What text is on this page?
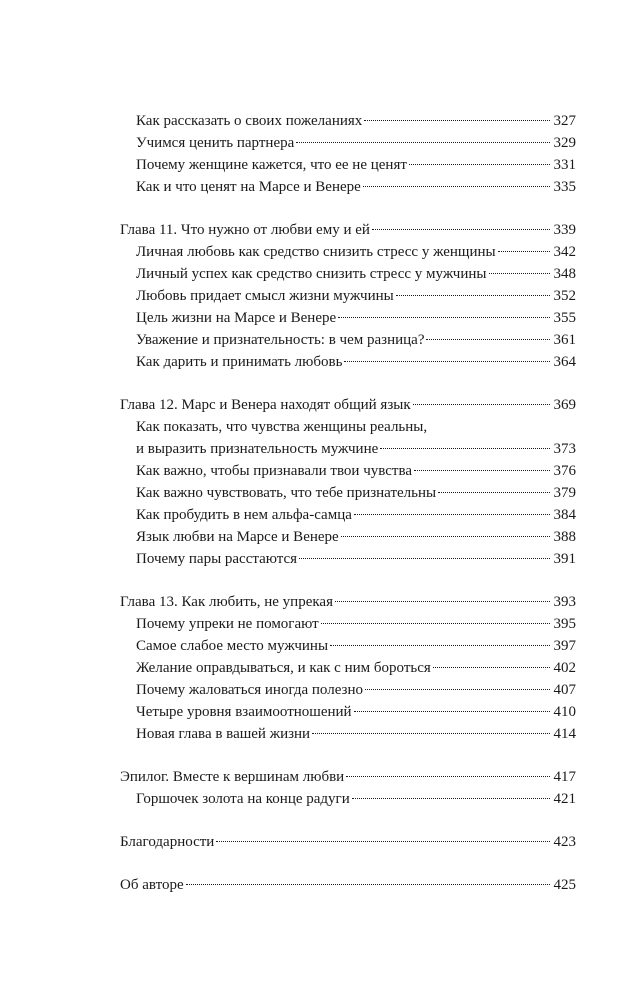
Как рассказать о своих пожеланиях	327
Учимся ценить партнера	329
Почему женщине кажется, что ее не ценят	331
Как и что ценят на Марсе и Венере	335
Глава 11. Что нужно от любви ему и ей	339
Личная любовь как средство снизить стресс у женщины	342
Личный успех как средство снизить стресс у мужчины	348
Любовь придает смысл жизни мужчины	352
Цель жизни на Марсе и Венере	355
Уважение и признательность: в чем разница?	361
Как дарить и принимать любовь	364
Глава 12. Марс и Венера находят общий язык	369
Как показать, что чувства женщины реальны,
и выразить признательность мужчине	373
Как важно, чтобы признавали твои чувства	376
Как важно чувствовать, что тебе признательны	379
Как пробудить в нем альфа-самца	384
Язык любви на Марсе и Венере	388
Почему пары расстаются	391
Глава 13. Как любить, не упрекая	393
Почему упреки не помогают	395
Самое слабое место мужчины	397
Желание оправдываться, и как с ним бороться	402
Почему жаловаться иногда полезно	407
Четыре уровня взаимоотношений	410
Новая глава в вашей жизни	414
Эпилог. Вместе к вершинам любви	417
Горшочек золота на конце радуги	421
Благодарности	423
Об авторе	425
